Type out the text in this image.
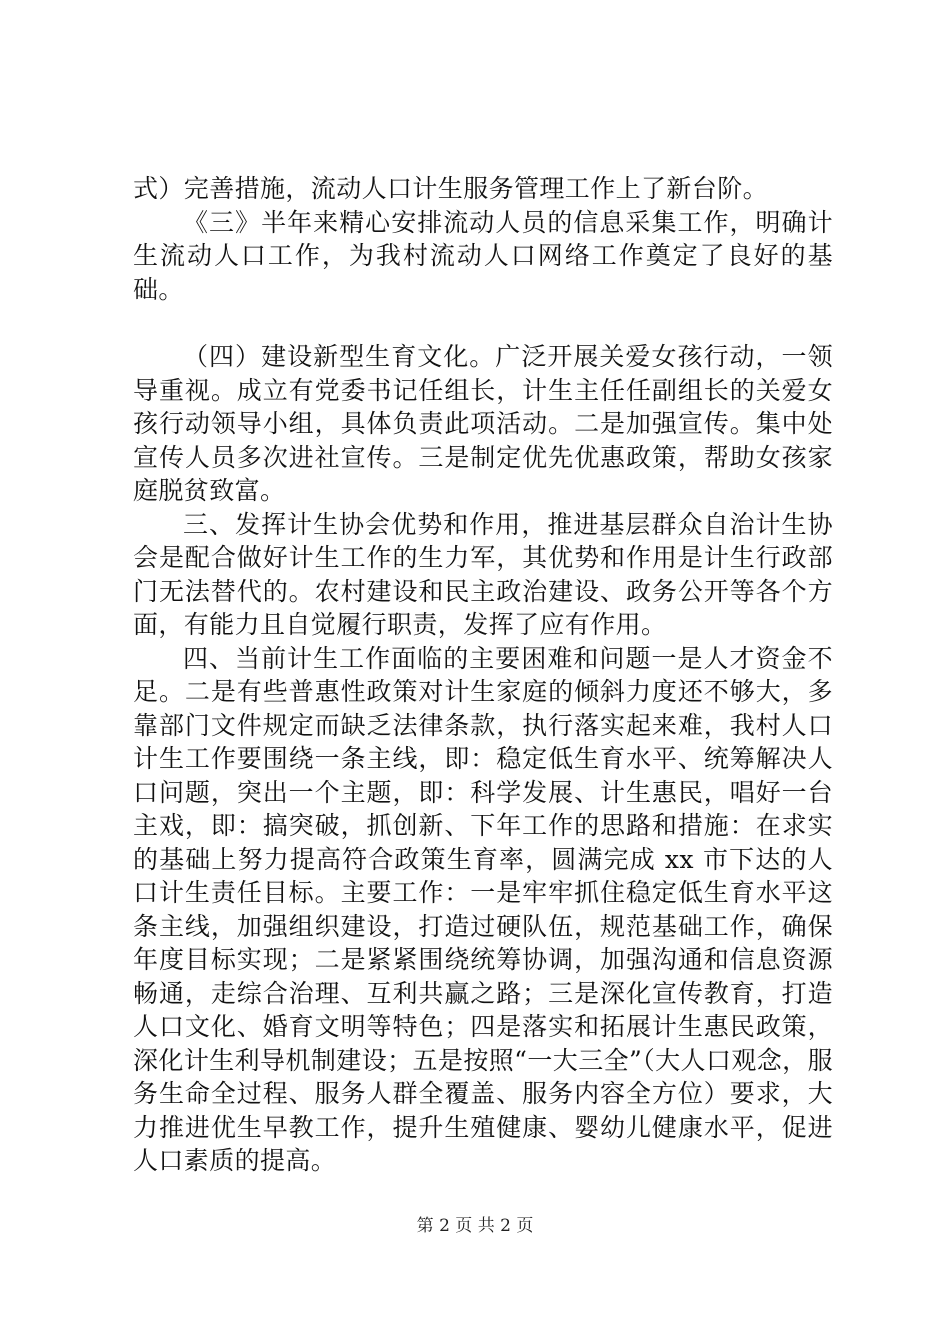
式）完善措施，流动人口计生服务管理工作上了新台阶。

《三》半年来精心安排流动人员的信息采集工作，明确计生流动人口工作，为我村流动人口网络工作奠定了良好的基础。

（四）建设新型生育文化。广泛开展关爱女孩行动，一领导重视。成立有党委书记任组长，计生主任任副组长的关爱女孩行动领导小组，具体负责此项活动。二是加强宣传。集中处宣传人员多次进社宣传。三是制定优先优惠政策，帮助女孩家庭脱贫致富。

三、发挥计生协会优势和作用，推进基层群众自治计生协会是配合做好计生工作的生力军，其优势和作用是计生行政部门无法替代的。农村建设和民主政治建设、政务公开等各个方面，有能力且自觉履行职责，发挥了应有作用。

四、当前计生工作面临的主要困难和问题一是人才资金不足。二是有些普惠性政策对计生家庭的倾斜力度还不够大，多靠部门文件规定而缺乏法律条款，执行落实起来难，我村人口计生工作要围绕一条主线，即：稳定低生育水平、统筹解决人口问题，突出一个主题，即：科学发展、计生惠民，唱好一台主戏，即：搞突破，抓创新、下年工作的思路和措施：在求实的基础上努力提高符合政策生育率，圆满完成 xx 市下达的人口计生责任目标。主要工作：一是牢牢抓住稳定低生育水平这条主线，加强组织建设，打造过硬队伍，规范基础工作，确保年度目标实现；二是紧紧围绕统筹协调，加强沟通和信息资源畅通，走综合治理、互利共赢之路；三是深化宣传教育，打造人口文化、婚育文明等特色；四是落实和拓展计生惠民政策，深化计生利导机制建设；五是按照“一大三全”（大人口观念，服务生命全过程、服务人群全覆盖、服务内容全方位）要求，大力推进优生早教工作，提升生殖健康、婴幼儿健康水平，促进人口素质的提高。

第 2 页 共 2 页
